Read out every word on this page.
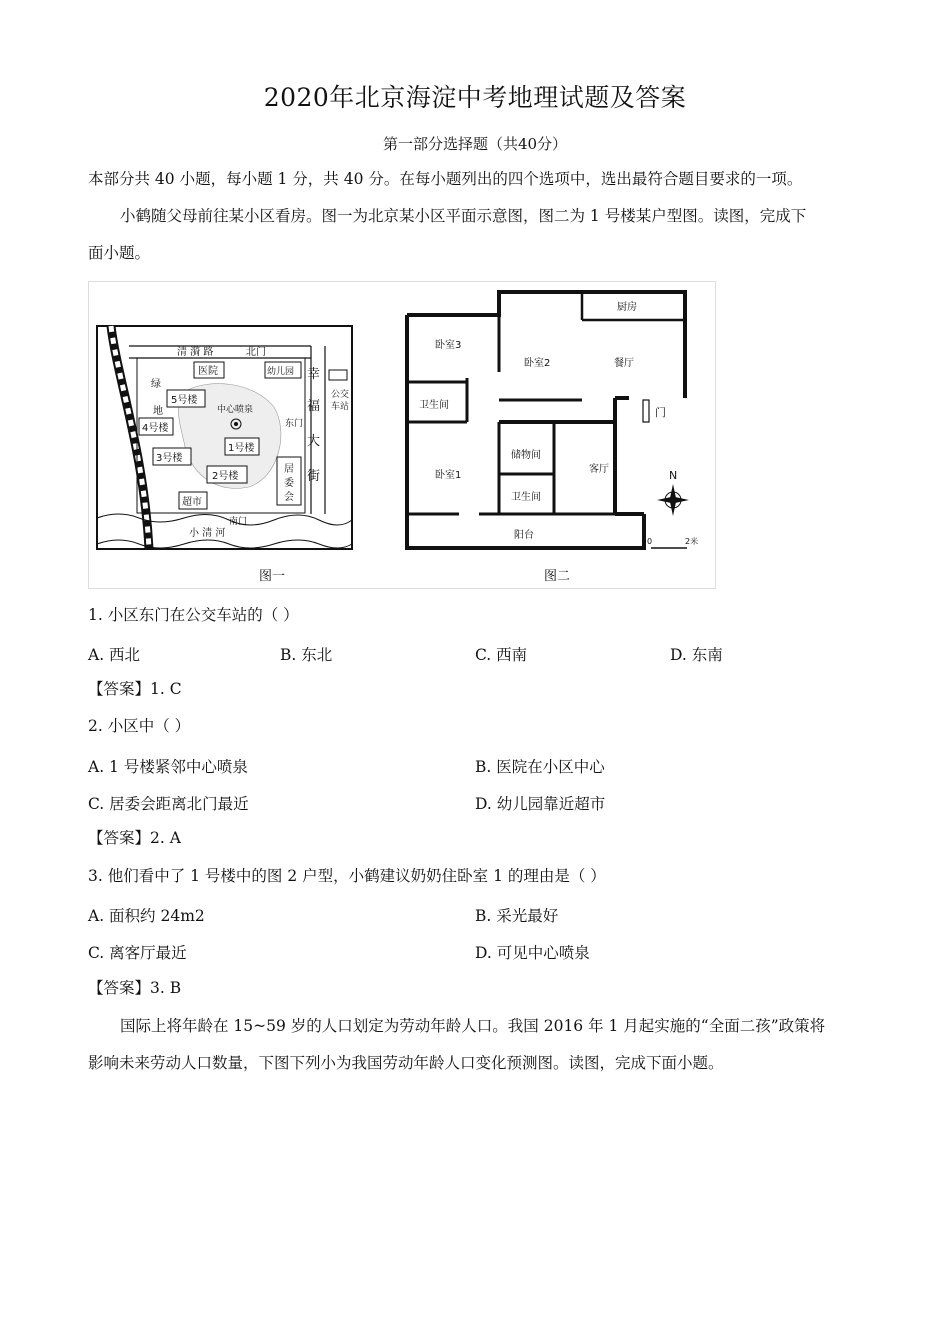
2020年北京海淀中考地理试题及答案
第一部分选择题（共40分）
本部分共 40 小题，每小题 1 分，共 40 分。在每小题列出的四个选项中，选出最符合题目要求的一项。
小鹤随父母前往某小区看房。图一为北京某小区平面示意图，图二为 1 号楼某户型图。读图，完成下
面小题。
清 漪 路	北门
幸
福
大
街
公交
车站
医院	幼儿园
绿
地
5号楼
4号楼
3号楼
1号楼
2号楼
中心喷泉
东门
居
委
会
超市
南门
小 清 河
图一
门
厨房
卧室3
卧室2	餐厅
卫生间
储物间
卧室1
客厅
卫生间
阳台
N
0	2米
图二
1. 小区东门在公交车站的（ ）
A. 西北	B. 东北	C. 西南	D. 东南
【答案】1. C
2. 小区中（ ）
A. 1 号楼紧邻中心喷泉	B. 医院在小区中心
C. 居委会距离北门最近	D. 幼儿园靠近超市
【答案】2. A
3. 他们看中了 1 号楼中的图 2 户型，小鹤建议奶奶住卧室 1 的理由是（ ）
A. 面积约 24m2	B. 采光最好
C. 离客厅最近	D. 可见中心喷泉
【答案】3. B
国际上将年龄在 15~59 岁的人口划定为劳动年龄人口。我国 2016 年 1 月起实施的“全面二孩”政策将
影响未来劳动人口数量，下图下列小为我国劳动年龄人口变化预测图。读图，完成下面小题。
